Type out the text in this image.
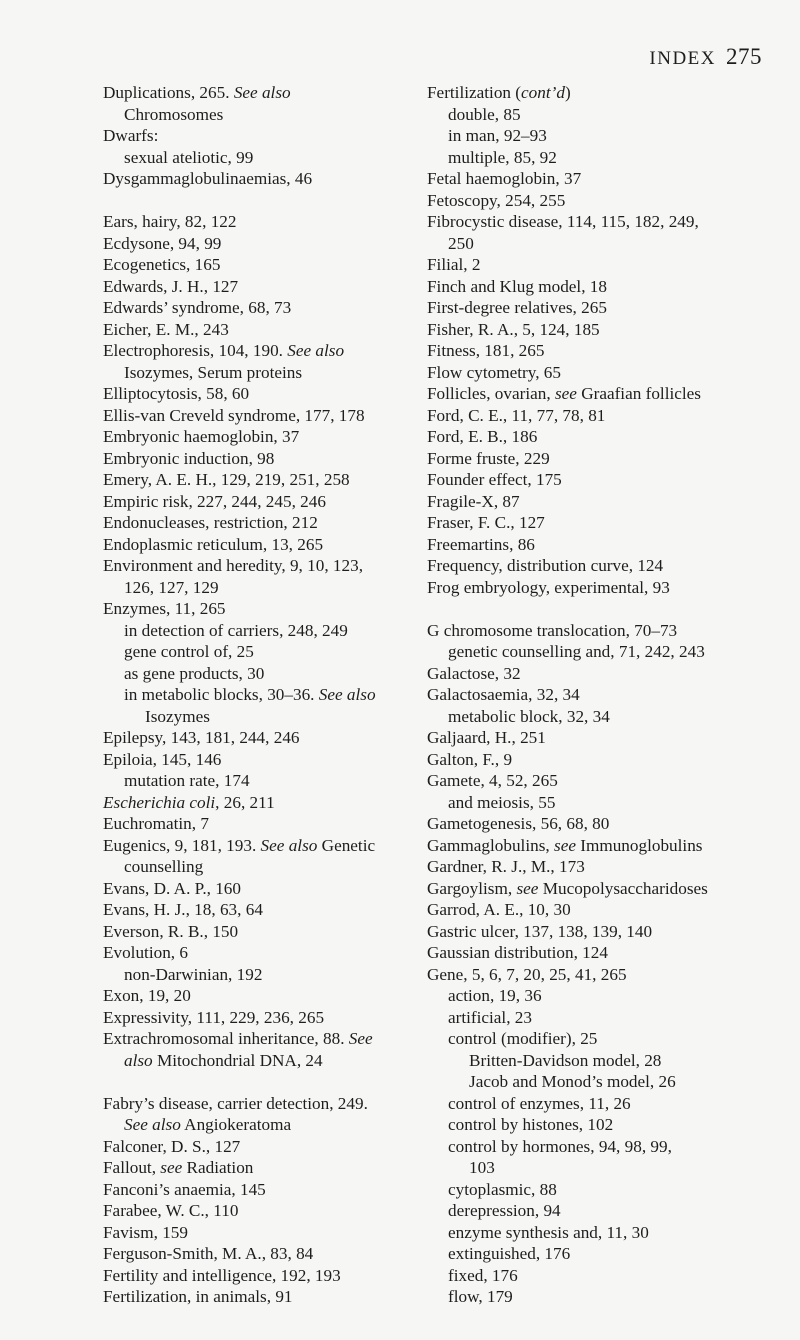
INDEX 275
Duplications, 265. See also
Chromosomes
Dwarfs:
sexual ateliotic, 99
Dysgammaglobulinaemias, 46
Ears, hairy, 82, 122
Ecdysone, 94, 99
Ecogenetics, 165
Edwards, J. H., 127
Edwards’ syndrome, 68, 73
Eicher, E. M., 243
Electrophoresis, 104, 190. See also
Isozymes, Serum proteins
Elliptocytosis, 58, 60
Ellis-van Creveld syndrome, 177, 178
Embryonic haemoglobin, 37
Embryonic induction, 98
Emery, A. E. H., 129, 219, 251, 258
Empiric risk, 227, 244, 245, 246
Endonucleases, restriction, 212
Endoplasmic reticulum, 13, 265
Environment and heredity, 9, 10, 123,
126, 127, 129
Enzymes, 11, 265
in detection of carriers, 248, 249
gene control of, 25
as gene products, 30
in metabolic blocks, 30–36. See also
Isozymes
Epilepsy, 143, 181, 244, 246
Epiloia, 145, 146
mutation rate, 174
Escherichia coli, 26, 211
Euchromatin, 7
Eugenics, 9, 181, 193. See also Genetic
counselling
Evans, D. A. P., 160
Evans, H. J., 18, 63, 64
Everson, R. B., 150
Evolution, 6
non-Darwinian, 192
Exon, 19, 20
Expressivity, 111, 229, 236, 265
Extrachromosomal inheritance, 88. See
also Mitochondrial DNA, 24
Fabry’s disease, carrier detection, 249.
See also Angiokeratoma
Falconer, D. S., 127
Fallout, see Radiation
Fanconi’s anaemia, 145
Farabee, W. C., 110
Favism, 159
Ferguson-Smith, M. A., 83, 84
Fertility and intelligence, 192, 193
Fertilization, in animals, 91
Fertilization (cont’d)
double, 85
in man, 92–93
multiple, 85, 92
Fetal haemoglobin, 37
Fetoscopy, 254, 255
Fibrocystic disease, 114, 115, 182, 249,
250
Filial, 2
Finch and Klug model, 18
First-degree relatives, 265
Fisher, R. A., 5, 124, 185
Fitness, 181, 265
Flow cytometry, 65
Follicles, ovarian, see Graafian follicles
Ford, C. E., 11, 77, 78, 81
Ford, E. B., 186
Forme fruste, 229
Founder effect, 175
Fragile-X, 87
Fraser, F. C., 127
Freemartins, 86
Frequency, distribution curve, 124
Frog embryology, experimental, 93
G chromosome translocation, 70–73
genetic counselling and, 71, 242, 243
Galactose, 32
Galactosaemia, 32, 34
metabolic block, 32, 34
Galjaard, H., 251
Galton, F., 9
Gamete, 4, 52, 265
and meiosis, 55
Gametogenesis, 56, 68, 80
Gammaglobulins, see Immunoglobulins
Gardner, R. J., M., 173
Gargoylism, see Mucopolysaccharidoses
Garrod, A. E., 10, 30
Gastric ulcer, 137, 138, 139, 140
Gaussian distribution, 124
Gene, 5, 6, 7, 20, 25, 41, 265
action, 19, 36
artificial, 23
control (modifier), 25
Britten-Davidson model, 28
Jacob and Monod’s model, 26
control of enzymes, 11, 26
control by histones, 102
control by hormones, 94, 98, 99,
103
cytoplasmic, 88
derepression, 94
enzyme synthesis and, 11, 30
extinguished, 176
fixed, 176
flow, 179
